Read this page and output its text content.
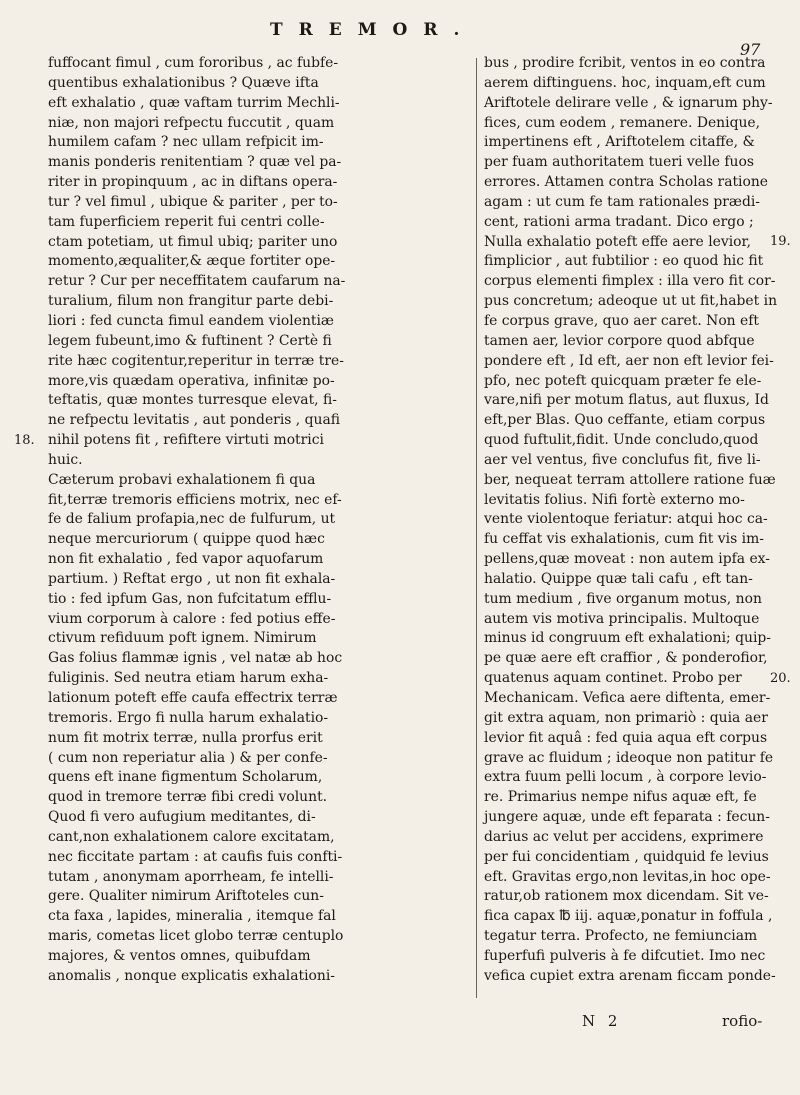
TREMOR.
97
fuffocant fimul , cum fororibus , ac fubfe-
quentibus exhalationibus ? Quæve ifta
eft exhalatio , quæ vaftam turrim Mechli-
niæ, non majori refpectu fuccutit , quam
humilem cafam ? nec ullam refpicit im-
manis ponderis renitentiam ? quæ vel pa-
riter in propinquum , ac in diftans opera-
tur ? vel fimul , ubique & pariter , per to-
tam fuperficiem reperit fui centri colle-
ctam potetiam, ut fimul ubiq; pariter uno
momento,æqualiter,& æque fortiter ope-
retur ? Cur per neceffitatem caufarum na-
turalium, filum non frangitur parte debi-
liori : fed cuncta fimul eandem violentiæ
legem fubeunt,imo & fuftinent ? Certè fi
rite hæc cogitentur,reperitur in terræ tre-
more,vis quædam operativa, infinitæ po-
teftatis, quæ montes turresque elevat, fi-
ne refpectu levitatis , aut ponderis , quafi
nihil potens fit , refiftere virtuti motrici
huic.
Cæterum probavi exhalationem fi qua
fit,terræ tremoris efficiens motrix, nec ef-
fe de falium profapia,nec de fulfurum, ut
neque mercuriorum ( quippe quod hæc
non fit exhalatio , fed vapor aquofarum
partium. ) Reftat ergo , ut non fit exhala-
tio : fed ipfum Gas, non fufcitatum efflu-
vium corporum à calore : fed potius effe-
ctivum refiduum poft ignem. Nimirum
Gas folius flammæ ignis , vel natæ ab hoc
fuliginis. Sed neutra etiam harum exha-
lationum poteft effe caufa effectrix terræ
tremoris. Ergo fi nulla harum exhalatio-
num fit motrix terræ, nulla prorfus erit
( cum non reperiatur alia ) & per confe-
quens eft inane figmentum Scholarum,
quod in tremore terræ fibi credi volunt.
Quod fi vero aufugium meditantes, di-
cant,non exhalationem calore excitatam,
nec ficcitate partam : at caufis fuis confti-
tutam , anonymam aporrheam, fe intelli-
gere. Qualiter nimirum Ariftoteles cun-
cta faxa , lapides, mineralia , itemque fal
maris, cometas licet globo terræ centuplo
majores, & ventos omnes, quibufdam
anomalis , nonque explicatis exhalationi-
bus , prodire fcribit, ventos in eo contra
aerem diftinguens. hoc, inquam,eft cum
Ariftotele delirare velle , & ignarum phy-
fices, cum eodem , remanere. Denique,
impertinens eft , Ariftotelem citaffe, &
per fuam authoritatem tueri velle fuos
errores. Attamen contra Scholas ratione
agam : ut cum fe tam rationales prædi-
cent, rationi arma tradant. Dico ergo ;
Nulla exhalatio poteft effe aere levior,
fimplicior , aut fubtilior : eo quod hic fit
corpus elementi fimplex : illa vero fit cor-
pus concretum; adeoque ut ut fit,habet in
fe corpus grave, quo aer caret. Non eft
tamen aer, levior corpore quod abfque
pondere eft , Id eft, aer non eft levior fei-
pfo, nec poteft quicquam præter fe ele-
vare,nifi per motum flatus, aut fluxus, Id
eft,per Blas. Quo ceffante, etiam corpus
quod fuftulit,fidit. Unde concludo,quod
aer vel ventus, five conclufus fit, five li-
ber, nequeat terram attollere ratione fuæ
levitatis folius. Nifi fortè externo mo-
vente violentoque feriatur: atqui hoc ca-
fu ceffat vis exhalationis, cum fit vis im-
pellens,quæ moveat : non autem ipfa ex-
halatio. Quippe quæ tali cafu , eft tan-
tum medium , five organum motus, non
autem vis motiva principalis. Multoque
minus id congruum eft exhalationi; quip-
pe quæ aere eft craffior , & ponderofior,
quatenus aquam continet. Probo per
Mechanicam. Vefica aere diftenta, emer-
git extra aquam, non primariò : quia aer
levior fit aquâ : fed quia aqua eft corpus
grave ac fluidum ; ideoque non patitur fe
extra fuum pelli locum , à corpore levio-
re. Primarius nempe nifus aquæ eft, fe
jungere aquæ, unde eft feparata : fecun-
darius ac velut per accidens, exprimere
per fui concidentiam , quidquid fe levius
eft. Gravitas ergo,non levitas,in hoc ope-
ratur,ob rationem mox dicendam. Sit ve-
fica capax ℔ iij. aquæ,ponatur in foffula ,
tegatur terra. Profecto, ne femiunciam
fuperfufi pulveris à fe difcutiet. Imo nec
vefica cupiet extra arenam ficcam ponde-
18.
19.
20.
N 2	rofio-
